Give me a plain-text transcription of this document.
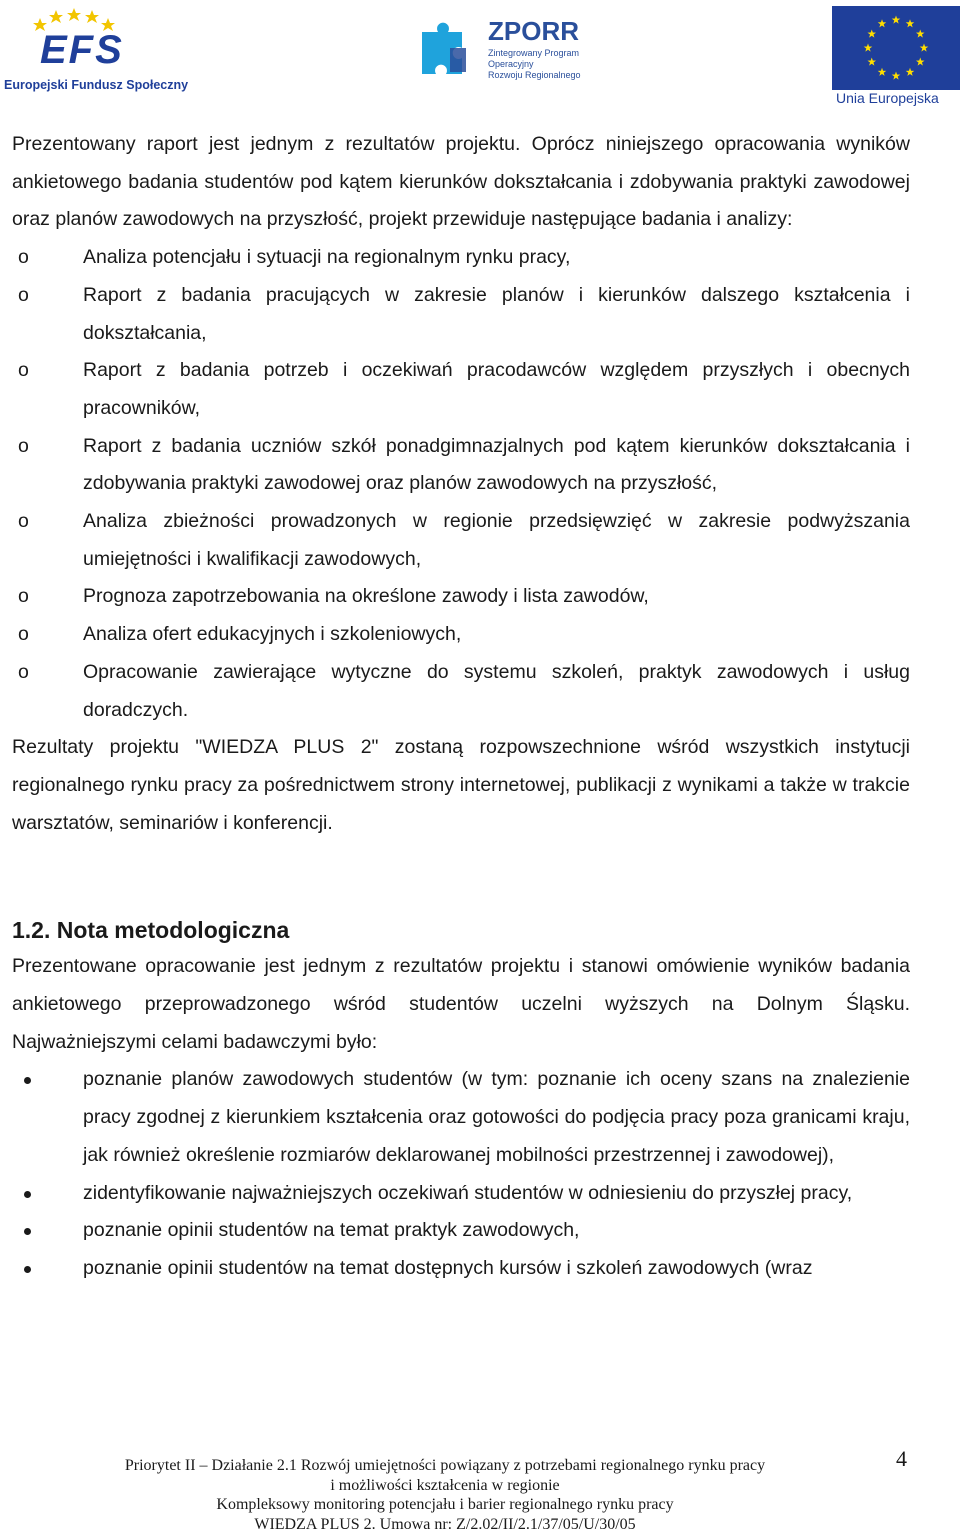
EFS
Europejski Fundusz Społeczny
ZPORR
Zintegrowany Program
Operacyjny
Rozwoju Regionalnego
Unia Europejska

Prezentowany raport jest jednym z rezultatów projektu. Oprócz niniejszego opracowania wyników ankietowego badania studentów pod kątem kierunków dokształcania i zdobywania praktyki zawodowej oraz planów zawodowych na przyszłość, projekt przewiduje następujące badania i analizy:

o	Analiza potencjału i sytuacji na regionalnym rynku pracy,
o	Raport z badania pracujących w zakresie planów i kierunków dalszego kształcenia i dokształcania,
o	Raport z badania potrzeb i oczekiwań pracodawców względem przyszłych i obecnych pracowników,
o	Raport z badania uczniów szkół ponadgimnazjalnych pod kątem kierunków dokształcania i zdobywania praktyki zawodowej oraz planów zawodowych na przyszłość,
o	Analiza zbieżności prowadzonych w regionie przedsięwzięć w zakresie podwyższania umiejętności i kwalifikacji zawodowych,
o	Prognoza zapotrzebowania na określone zawody i lista zawodów,
o	Analiza ofert edukacyjnych i szkoleniowych,
o	Opracowanie zawierające wytyczne do systemu szkoleń, praktyk zawodowych i usług doradczych.

Rezultaty projektu "WIEDZA PLUS 2" zostaną rozpowszechnione wśród wszystkich instytucji regionalnego rynku pracy za pośrednictwem strony internetowej, publikacji z wynikami a także w trakcie warsztatów, seminariów i konferencji.

1.2. Nota metodologiczna

Prezentowane opracowanie jest jednym z rezultatów projektu i stanowi omówienie wyników badania ankietowego przeprowadzonego wśród studentów uczelni wyższych na Dolnym Śląsku. Najważniejszymi celami badawczymi było:

poznanie planów zawodowych studentów (w tym: poznanie ich oceny szans na znalezienie pracy zgodnej z kierunkiem kształcenia oraz gotowości do podjęcia pracy poza granicami kraju, jak również określenie rozmiarów deklarowanej mobilności przestrzennej i zawodowej),
zidentyfikowanie najważniejszych oczekiwań studentów w odniesieniu do przyszłej pracy,
poznanie opinii studentów na temat praktyk zawodowych,
poznanie opinii studentów na temat dostępnych kursów i szkoleń zawodowych (wraz
Priorytet II – Działanie 2.1 Rozwój umiejętności powiązany z potrzebami regionalnego rynku pracy
i możliwości kształcenia w regionie
Kompleksowy monitoring potencjału i barier regionalnego rynku pracy
WIEDZA PLUS 2. Umowa nr: Z/2.02/II/2.1/37/05/U/30/05
4
